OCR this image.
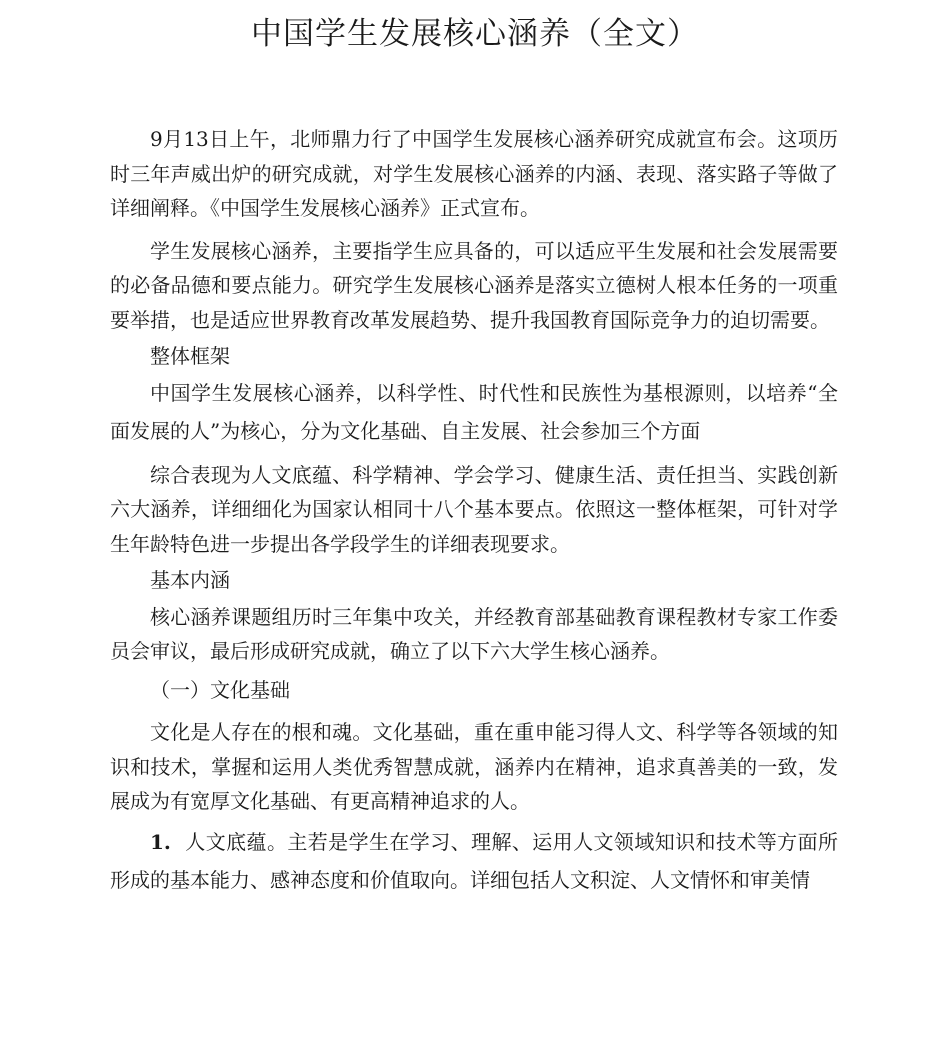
中国学生发展核心涵养（全文）

9月13日上午，北师鼎力行了中国学生发展核心涵养研究成就宣布会。这项历时三年声威出炉的研究成就，对学生发展核心涵养的内涵、表现、落实路子等做了详细阐释。《中国学生发展核心涵养》正式宣布。

学生发展核心涵养，主要指学生应具备的，可以适应平生发展和社会发展需要的必备品德和要点能力。研究学生发展核心涵养是落实立德树人根本任务的一项重要举措，也是适应世界教育改革发展趋势、提升我国教育国际竞争力的迫切需要。

整体框架

中国学生发展核心涵养，以科学性、时代性和民族性为基根源则，以培养“全面发展的人”为核心，分为文化基础、自主发展、社会参加三个方面

综合表现为人文底蕴、科学精神、学会学习、健康生活、责任担当、实践创新六大涵养，详细细化为国家认相同十八个基本要点。依照这一整体框架，可针对学生年龄特色进一步提出各学段学生的详细表现要求。

基本内涵

核心涵养课题组历时三年集中攻关，并经教育部基础教育课程教材专家工作委员会审议，最后形成研究成就，确立了以下六大学生核心涵养。

（一）文化基础

文化是人存在的根和魂。文化基础，重在重申能习得人文、科学等各领域的知识和技术，掌握和运用人类优秀智慧成就，涵养内在精神，追求真善美的一致，发展成为有宽厚文化基础、有更高精神追求的人。

1. 人文底蕴。主若是学生在学习、理解、运用人文领域知识和技术等方面所形成的基本能力、感神态度和价值取向。详细包括人文积淀、人文情怀和审美情
